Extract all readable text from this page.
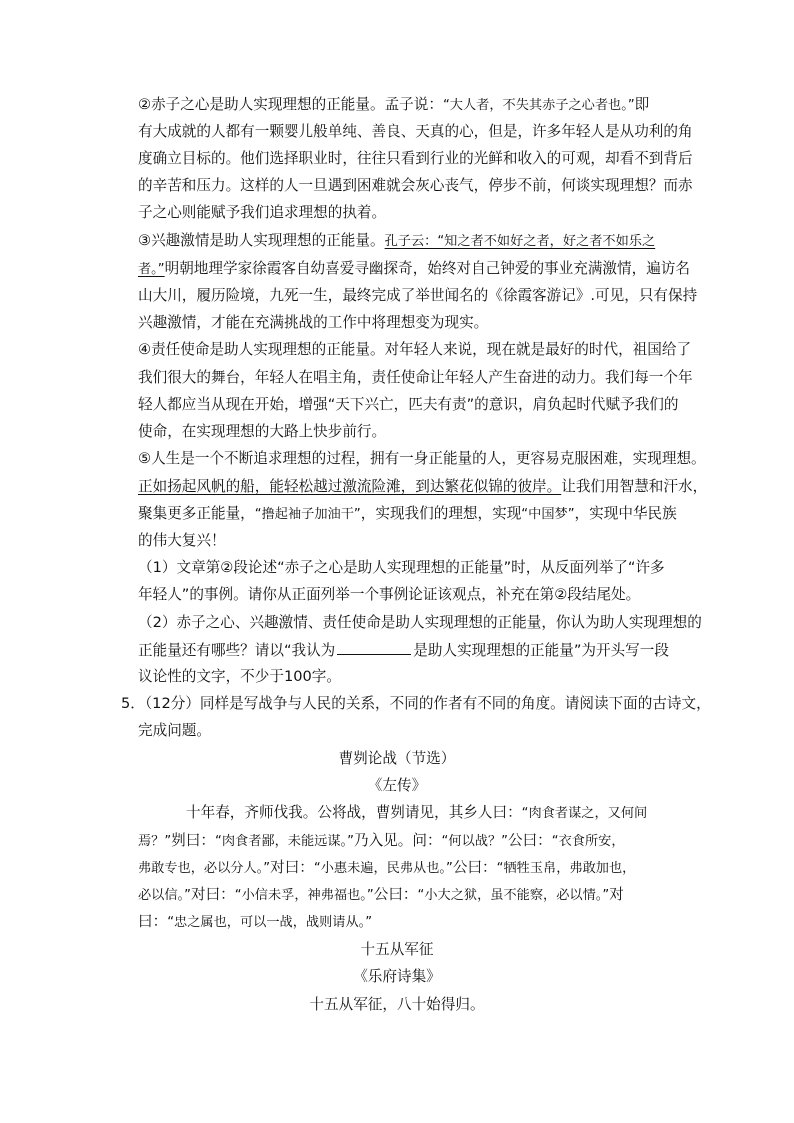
②赤子之心是助人实现理想的正能量。孟子说：“大人者，不失其赤子之心者也。”即
有大成就的人都有一颗婴儿般单纯、善良、天真的心，但是，许多年轻人是从功利的角
度确立目标的。他们选择职业时，往往只看到行业的光鲜和收入的可观，却看不到背后
的辛苦和压力。这样的人一旦遇到困难就会灰心丧气，停步不前，何谈实现理想？而赤
子之心则能赋予我们追求理想的执着。
③兴趣激情是助人实现理想的正能量。孔子云：“知之者不如好之者，好之者不如乐之
者。”明朝地理学家徐霞客自幼喜爱寻幽探奇，始终对自己钟爱的事业充满激情，遍访名
山大川，履历险境，九死一生，最终完成了举世闻名的《徐霞客游记》.可见，只有保持
兴趣激情，才能在充满挑战的工作中将理想变为现实。
④责任使命是助人实现理想的正能量。对年轻人来说，现在就是最好的时代，祖国给了
我们很大的舞台，年轻人在唱主角，责任使命让年轻人产生奋进的动力。我们每一个年
轻人都应当从现在开始，增强“天下兴亡，匹夫有责”的意识，肩负起时代赋予我们的
使命，在实现理想的大路上快步前行。
⑤人生是一个不断追求理想的过程，拥有一身正能量的人，更容易克服困难，实现理想。
正如扬起风帆的船，能轻松越过激流险滩，到达繁花似锦的彼岸。让我们用智慧和汗水，
聚集更多正能量，“撸起袖子加油干”，实现我们的理想，实现“中国梦”，实现中华民族
的伟大复兴！
（1）文章第②段论述“赤子之心是助人实现理想的正能量”时，从反面列举了“许多
年轻人”的事例。请你从正面列举一个事例论证该观点，补充在第②段结尾处。
（2）赤子之心、兴趣激情、责任使命是助人实现理想的正能量，你认为助人实现理想的
正能量还有哪些？请以“我认为	是助人实现理想的正能量”为开头写一段
议论性的文字，不少于100字。
5．（12分）同样是写战争与人民的关系，不同的作者有不同的角度。请阅读下面的古诗文，
完成问题。
曹刿论战（节选）
《左传》
十年春，齐师伐我。公将战，曹刿请见，其乡人曰：“肉食者谋之，又何间
焉？”刿曰：“肉食者鄙，未能远谋。”乃入见。问：“何以战？”公曰：“衣食所安，
弗敢专也，必以分人。”对曰：“小惠未遍，民弗从也。”公曰：“牺牲玉帛，弗敢加也，
必以信。”对曰：“小信未孚，神弗福也。”公曰：“小大之狱，虽不能察，必以情。”对
曰：“忠之属也，可以一战，战则请从。”
十五从军征
《乐府诗集》
十五从军征，八十始得归。
